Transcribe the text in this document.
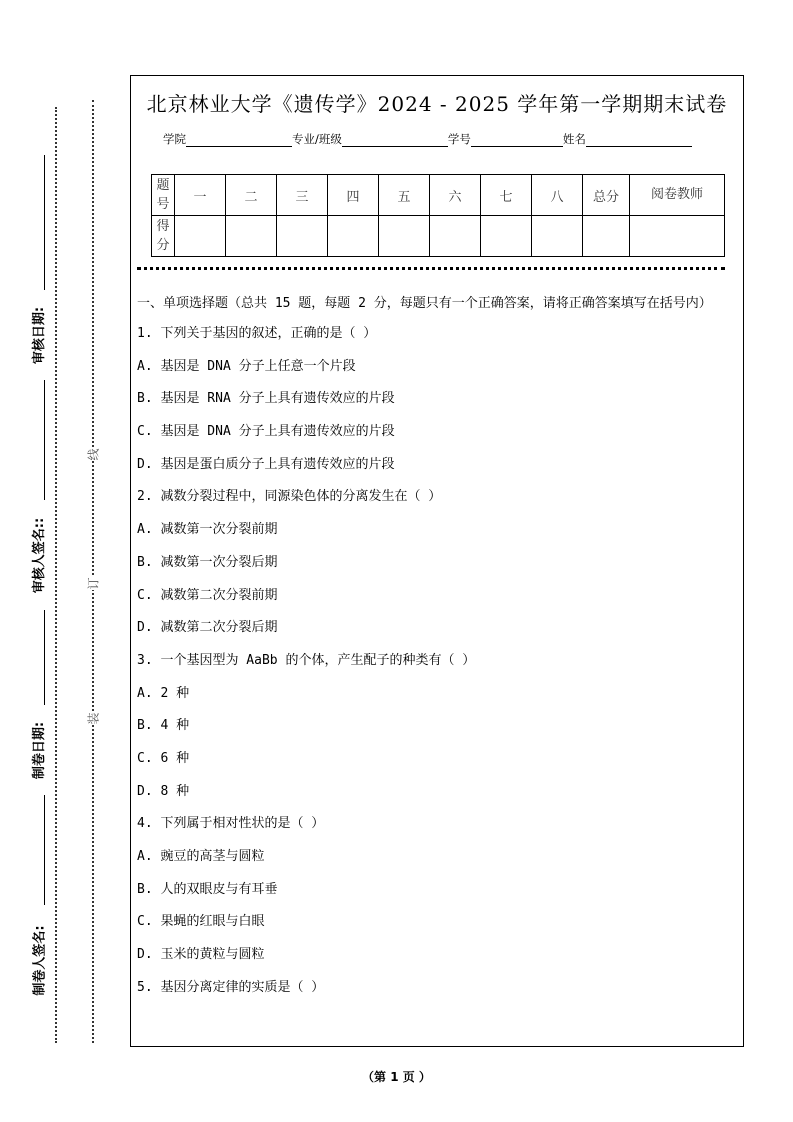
审核日期:
审核人签名::
制卷日期:
制卷人签名:
线
订
装
北京林业大学《遗传学》2024 - 2025 学年第一学期期末试卷
学院	专业/班级	学号	姓名
题号	一	二	三	四	五	六	七	八	总分	阅卷教师
得分										
一、单项选择题（总共 15 题，每题 2 分，每题只有一个正确答案，请将正确答案填写在括号内）
1. 下列关于基因的叙述，正确的是（ ）
A. 基因是 DNA 分子上任意一个片段
B. 基因是 RNA 分子上具有遗传效应的片段
C. 基因是 DNA 分子上具有遗传效应的片段
D. 基因是蛋白质分子上具有遗传效应的片段
2. 减数分裂过程中，同源染色体的分离发生在（ ）
A. 减数第一次分裂前期
B. 减数第一次分裂后期
C. 减数第二次分裂前期
D. 减数第二次分裂后期
3. 一个基因型为 AaBb 的个体，产生配子的种类有（ ）
A. 2 种
B. 4 种
C. 6 种
D. 8 种
4. 下列属于相对性状的是（ ）
A. 豌豆的高茎与圆粒
B. 人的双眼皮与有耳垂
C. 果蝇的红眼与白眼
D. 玉米的黄粒与圆粒
5. 基因分离定律的实质是（ ）
（第 1 页 ）
